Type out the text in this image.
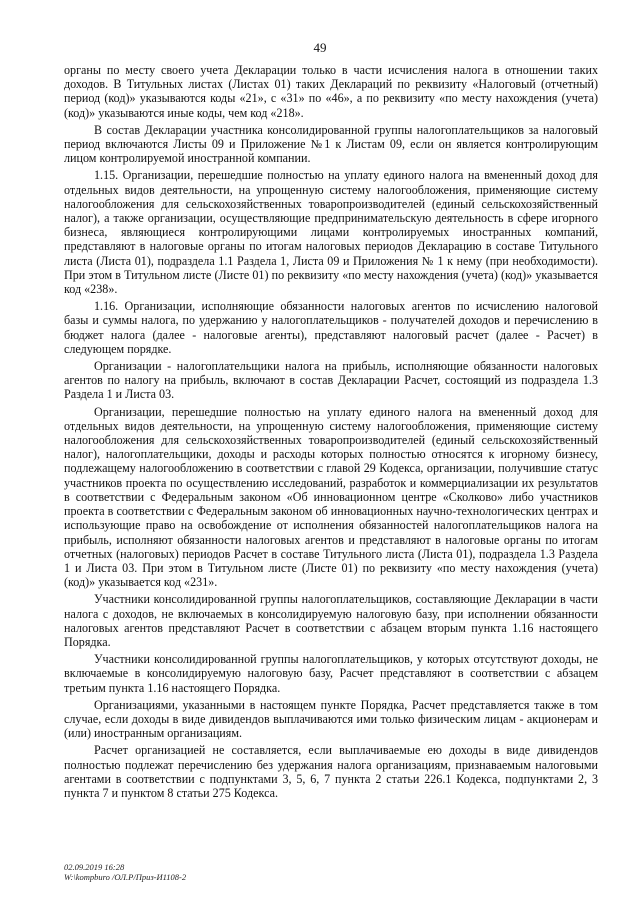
49

органы по месту своего учета Декларации только в части исчисления налога в отношении таких доходов. В Титульных листах (Листах 01) таких Деклараций по реквизиту «Налоговый (отчетный) период (код)» указываются коды «21», с «31» по «46», а по реквизиту «по месту нахождения (учета) (код)» указываются иные коды, чем код «218».

В состав Декларации участника консолидированной группы налогоплательщиков за налоговый период включаются Листы 09 и Приложение №1 к Листам 09, если он является контролирующим лицом контролируемой иностранной компании.

1.15. Организации, перешедшие полностью на уплату единого налога на вмененный доход для отдельных видов деятельности, на упрощенную систему налогообложения, применяющие систему налогообложения для сельскохозяйственных товаропроизводителей (единый сельскохозяйственный налог), а также организации, осуществляющие предпринимательскую деятельность в сфере игорного бизнеса, являющиеся контролирующими лицами контролируемых иностранных компаний, представляют в налоговые органы по итогам налоговых периодов Декларацию в составе Титульного листа (Листа 01), подраздела 1.1 Раздела 1, Листа 09 и Приложения № 1 к нему (при необходимости). При этом в Титульном листе (Листе 01) по реквизиту «по месту нахождения (учета) (код)» указывается код «238».

1.16. Организации, исполняющие обязанности налоговых агентов по исчислению налоговой базы и суммы налога, по удержанию у налогоплательщиков - получателей доходов и перечислению в бюджет налога (далее - налоговые агенты), представляют налоговый расчет (далее - Расчет) в следующем порядке.

Организации - налогоплательщики налога на прибыль, исполняющие обязанности налоговых агентов по налогу на прибыль, включают в состав Декларации Расчет, состоящий из подраздела 1.3 Раздела 1 и Листа 03.

Организации, перешедшие полностью на уплату единого налога на вмененный доход для отдельных видов деятельности, на упрощенную систему налогообложения, применяющие систему налогообложения для сельскохозяйственных товаропроизводителей (единый сельскохозяйственный налог), налогоплательщики, доходы и расходы которых полностью относятся к игорному бизнесу, подлежащему налогообложению в соответствии с главой 29 Кодекса, организации, получившие статус участников проекта по осуществлению исследований, разработок и коммерциализации их результатов в соответствии с Федеральным законом «Об инновационном центре «Сколково» либо участников проекта в соответствии с Федеральным законом об инновационных научно-технологических центрах и использующие право на освобождение от исполнения обязанностей налогоплательщиков налога на прибыль, исполняют обязанности налоговых агентов и представляют в налоговые органы по итогам отчетных (налоговых) периодов Расчет в составе Титульного листа (Листа 01), подраздела 1.3 Раздела 1 и Листа 03. При этом в Титульном листе (Листе 01) по реквизиту «по месту нахождения (учета) (код)» указывается код «231».

Участники консолидированной группы налогоплательщиков, составляющие Декларации в части налога с доходов, не включаемых в консолидируемую налоговую базу, при исполнении обязанности налоговых агентов представляют Расчет в соответствии с абзацем вторым пункта 1.16 настоящего Порядка.

Участники консолидированной группы налогоплательщиков, у которых отсутствуют доходы, не включаемые в консолидируемую налоговую базу, Расчет представляют в соответствии с абзацем третьим пункта 1.16 настоящего Порядка.

Организациями, указанными в настоящем пункте Порядка, Расчет представляется также в том случае, если доходы в виде дивидендов выплачиваются ими только физическим лицам - акционерам и (или) иностранным организациям.

Расчет организацией не составляется, если выплачиваемые ею доходы в виде дивидендов полностью подлежат перечислению без удержания налога организациям, признаваемым налоговыми агентами в соответствии с подпунктами 3, 5, 6, 7 пункта 2 статьи 226.1 Кодекса, подпунктами 2, 3 пункта 7 и пунктом 8 статьи 275 Кодекса.

02.09.2019 16:28
W:\kompburo /ОЛ.Р/Приз-И1108-2
